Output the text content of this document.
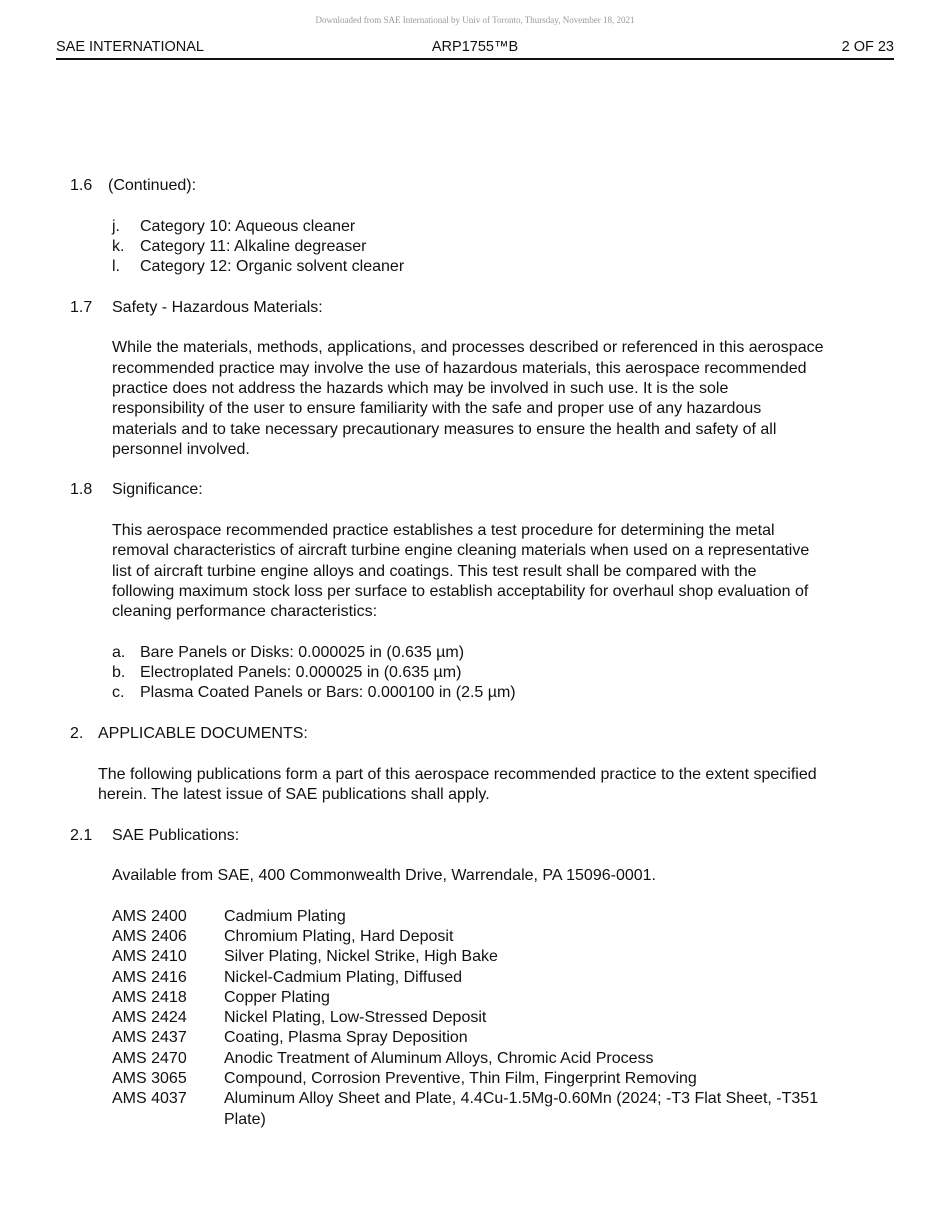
Downloaded from SAE International by Univ of Toronto, Thursday, November 18, 2021
ARP1755™B
SAE INTERNATIONAL	2 OF 23
1.6 (Continued):
j. Category 10: Aqueous cleaner
k. Category 11: Alkaline degreaser
l. Category 12: Organic solvent cleaner
1.7	Safety - Hazardous Materials:
While the materials, methods, applications, and processes described or referenced in this aerospace
recommended practice may involve the use of hazardous materials, this aerospace recommended
practice does not address the hazards which may be involved in such use. It is the sole
responsibility of the user to ensure familiarity with the safe and proper use of any hazardous
materials and to take necessary precautionary measures to ensure the health and safety of all
personnel involved.
1.8	Significance:
This aerospace recommended practice establishes a test procedure for determining the metal
removal characteristics of aircraft turbine engine cleaning materials when used on a representative
list of aircraft turbine engine alloys and coatings. This test result shall be compared with the
following maximum stock loss per surface to establish acceptability for overhaul shop evaluation of
cleaning performance characteristics:
a. Bare Panels or Disks: 0.000025 in (0.635 µm)
b. Electroplated Panels: 0.000025 in (0.635 µm)
c. Plasma Coated Panels or Bars: 0.000100 in (2.5 µm)
2. APPLICABLE DOCUMENTS:
The following publications form a part of this aerospace recommended practice to the extent specified
herein. The latest issue of SAE publications shall apply.
2.1	SAE Publications:
Available from SAE, 400 Commonwealth Drive, Warrendale, PA 15096-0001.
AMS 2400 Cadmium Plating
AMS 2406 Chromium Plating, Hard Deposit
AMS 2410 Silver Plating, Nickel Strike, High Bake
AMS 2416 Nickel-Cadmium Plating, Diffused
AMS 2418 Copper Plating
AMS 2424 Nickel Plating, Low-Stressed Deposit
AMS 2437 Coating, Plasma Spray Deposition
AMS 2470 Anodic Treatment of Aluminum Alloys, Chromic Acid Process
AMS 3065 Compound, Corrosion Preventive, Thin Film, Fingerprint Removing
AMS 4037 Aluminum Alloy Sheet and Plate, 4.4Cu-1.5Mg-0.60Mn (2024; -T3 Flat Sheet, -T351
Plate)
